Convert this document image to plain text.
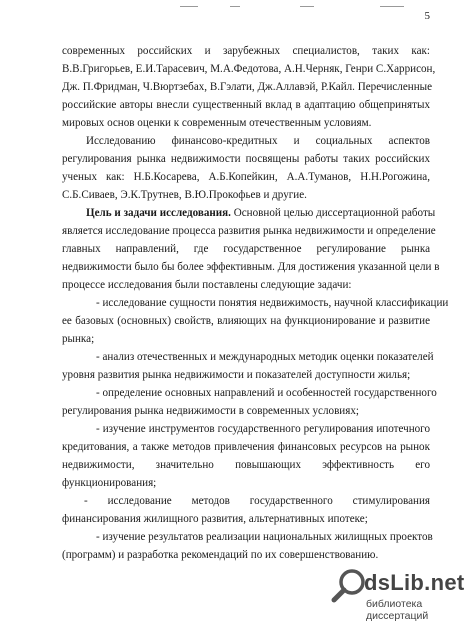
5
современных российских и зарубежных специалистов, таких как:
В.В.Григорьев, Е.И.Тарасевич, М.А.Федотова, А.Н.Черняк, Генри С.Харрисон,
Дж. П.Фридман, Ч.Вюртзебах, В.Гэлати, Дж.Аллавэй, Р.Кайл. Перечисленные
российские авторы внесли существенный вклад в адаптацию общепринятых
мировых основ оценки к современным отечественным условиям.
Исследованию финансово-кредитных и социальных аспектов
регулирования рынка недвижимости посвящены работы таких российских
ученых как: Н.Б.Косарева, А.Б.Копейкин, А.А.Туманов, Н.Н.Рогожина,
С.Б.Сиваев, Э.К.Трутнев, В.Ю.Прокофьев и другие.
Цель и задачи исследования. Основной целью диссертационной работы
является исследование процесса развития рынка недвижимости и определение
главных направлений, где государственное регулирование рынка
недвижимости было бы более эффективным. Для достижения указанной цели в
процессе исследования были поставлены следующие задачи:
- исследование сущности понятия недвижимость, научной классификации
ее базовых (основных) свойств, влияющих на функционирование и развитие
рынка;
- анализ отечественных и международных методик оценки показателей
уровня развития рынка недвижимости и показателей доступности жилья;
- определение основных направлений и особенностей государственного
регулирования рынка недвижимости в современных условиях;
- изучение инструментов государственного регулирования ипотечного
кредитования, а также методов привлечения финансовых ресурсов на рынок
недвижимости, значительно повышающих эффективность его
функционирования;
- исследование методов государственного стимулирования
финансирования жилищного развития, альтернативных ипотеке;
- изучение результатов реализации национальных жилищных проектов
(программ) и разработка рекомендаций по их совершенствованию.
dsLib.net
библиотека диссертаций
